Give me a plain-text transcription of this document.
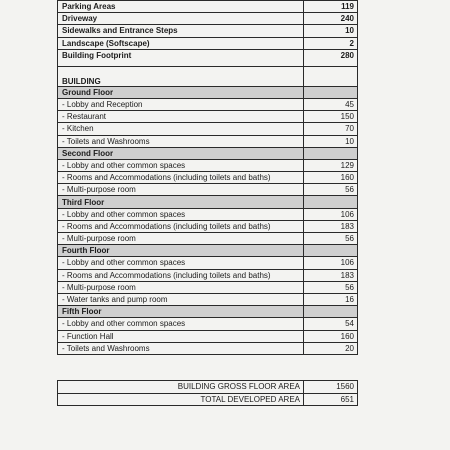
Parking Areas	119
Driveway	240
Sidewalks and Entrance Steps	10
Landscape (Softscape)	2
Building Footprint	280
BUILDING	
Ground Floor	
- Lobby and Reception	45
- Restaurant	150
- Kitchen	70
- Toilets and Washrooms	10
Second Floor	
- Lobby and other common spaces	129
- Rooms and Accommodations (including toilets and baths)	160
- Multi-purpose room	56
Third Floor	
- Lobby and other common spaces	106
- Rooms and Accommodations (including toilets and baths)	183
- Multi-purpose room	56
Fourth Floor	
- Lobby and other common spaces	106
- Rooms and Accommodations (including toilets and baths)	183
- Multi-purpose room	56
- Water tanks and pump room	16
Fifth Floor	
- Lobby and other common spaces	54
- Function Hall	160
- Toilets and Washrooms	20
BUILDING GROSS FLOOR AREA	1560
TOTAL DEVELOPED AREA	651
